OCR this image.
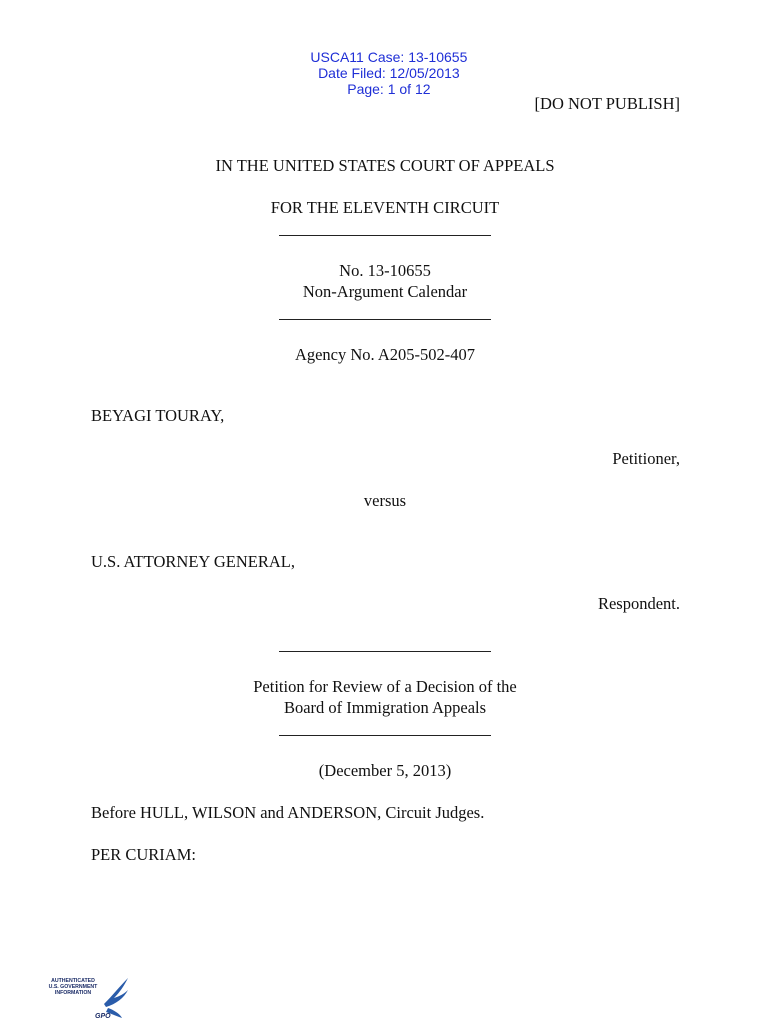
USCA11 Case: 13-10655
Date Filed: 12/05/2013
Page: 1 of 12

[DO NOT PUBLISH]
IN THE UNITED STATES COURT OF APPEALS
FOR THE ELEVENTH CIRCUIT
No. 13-10655
Non-Argument Calendar
Agency No. A205-502-407
BEYAGI TOURAY,
Petitioner,
versus
U.S. ATTORNEY GENERAL,
Respondent.
Petition for Review of a Decision of the
Board of Immigration Appeals
(December 5, 2013)
Before HULL, WILSON and ANDERSON, Circuit Judges.
PER CURIAM:
AUTHENTICATED
U.S. GOVERNMENT
INFORMATION
GPO
